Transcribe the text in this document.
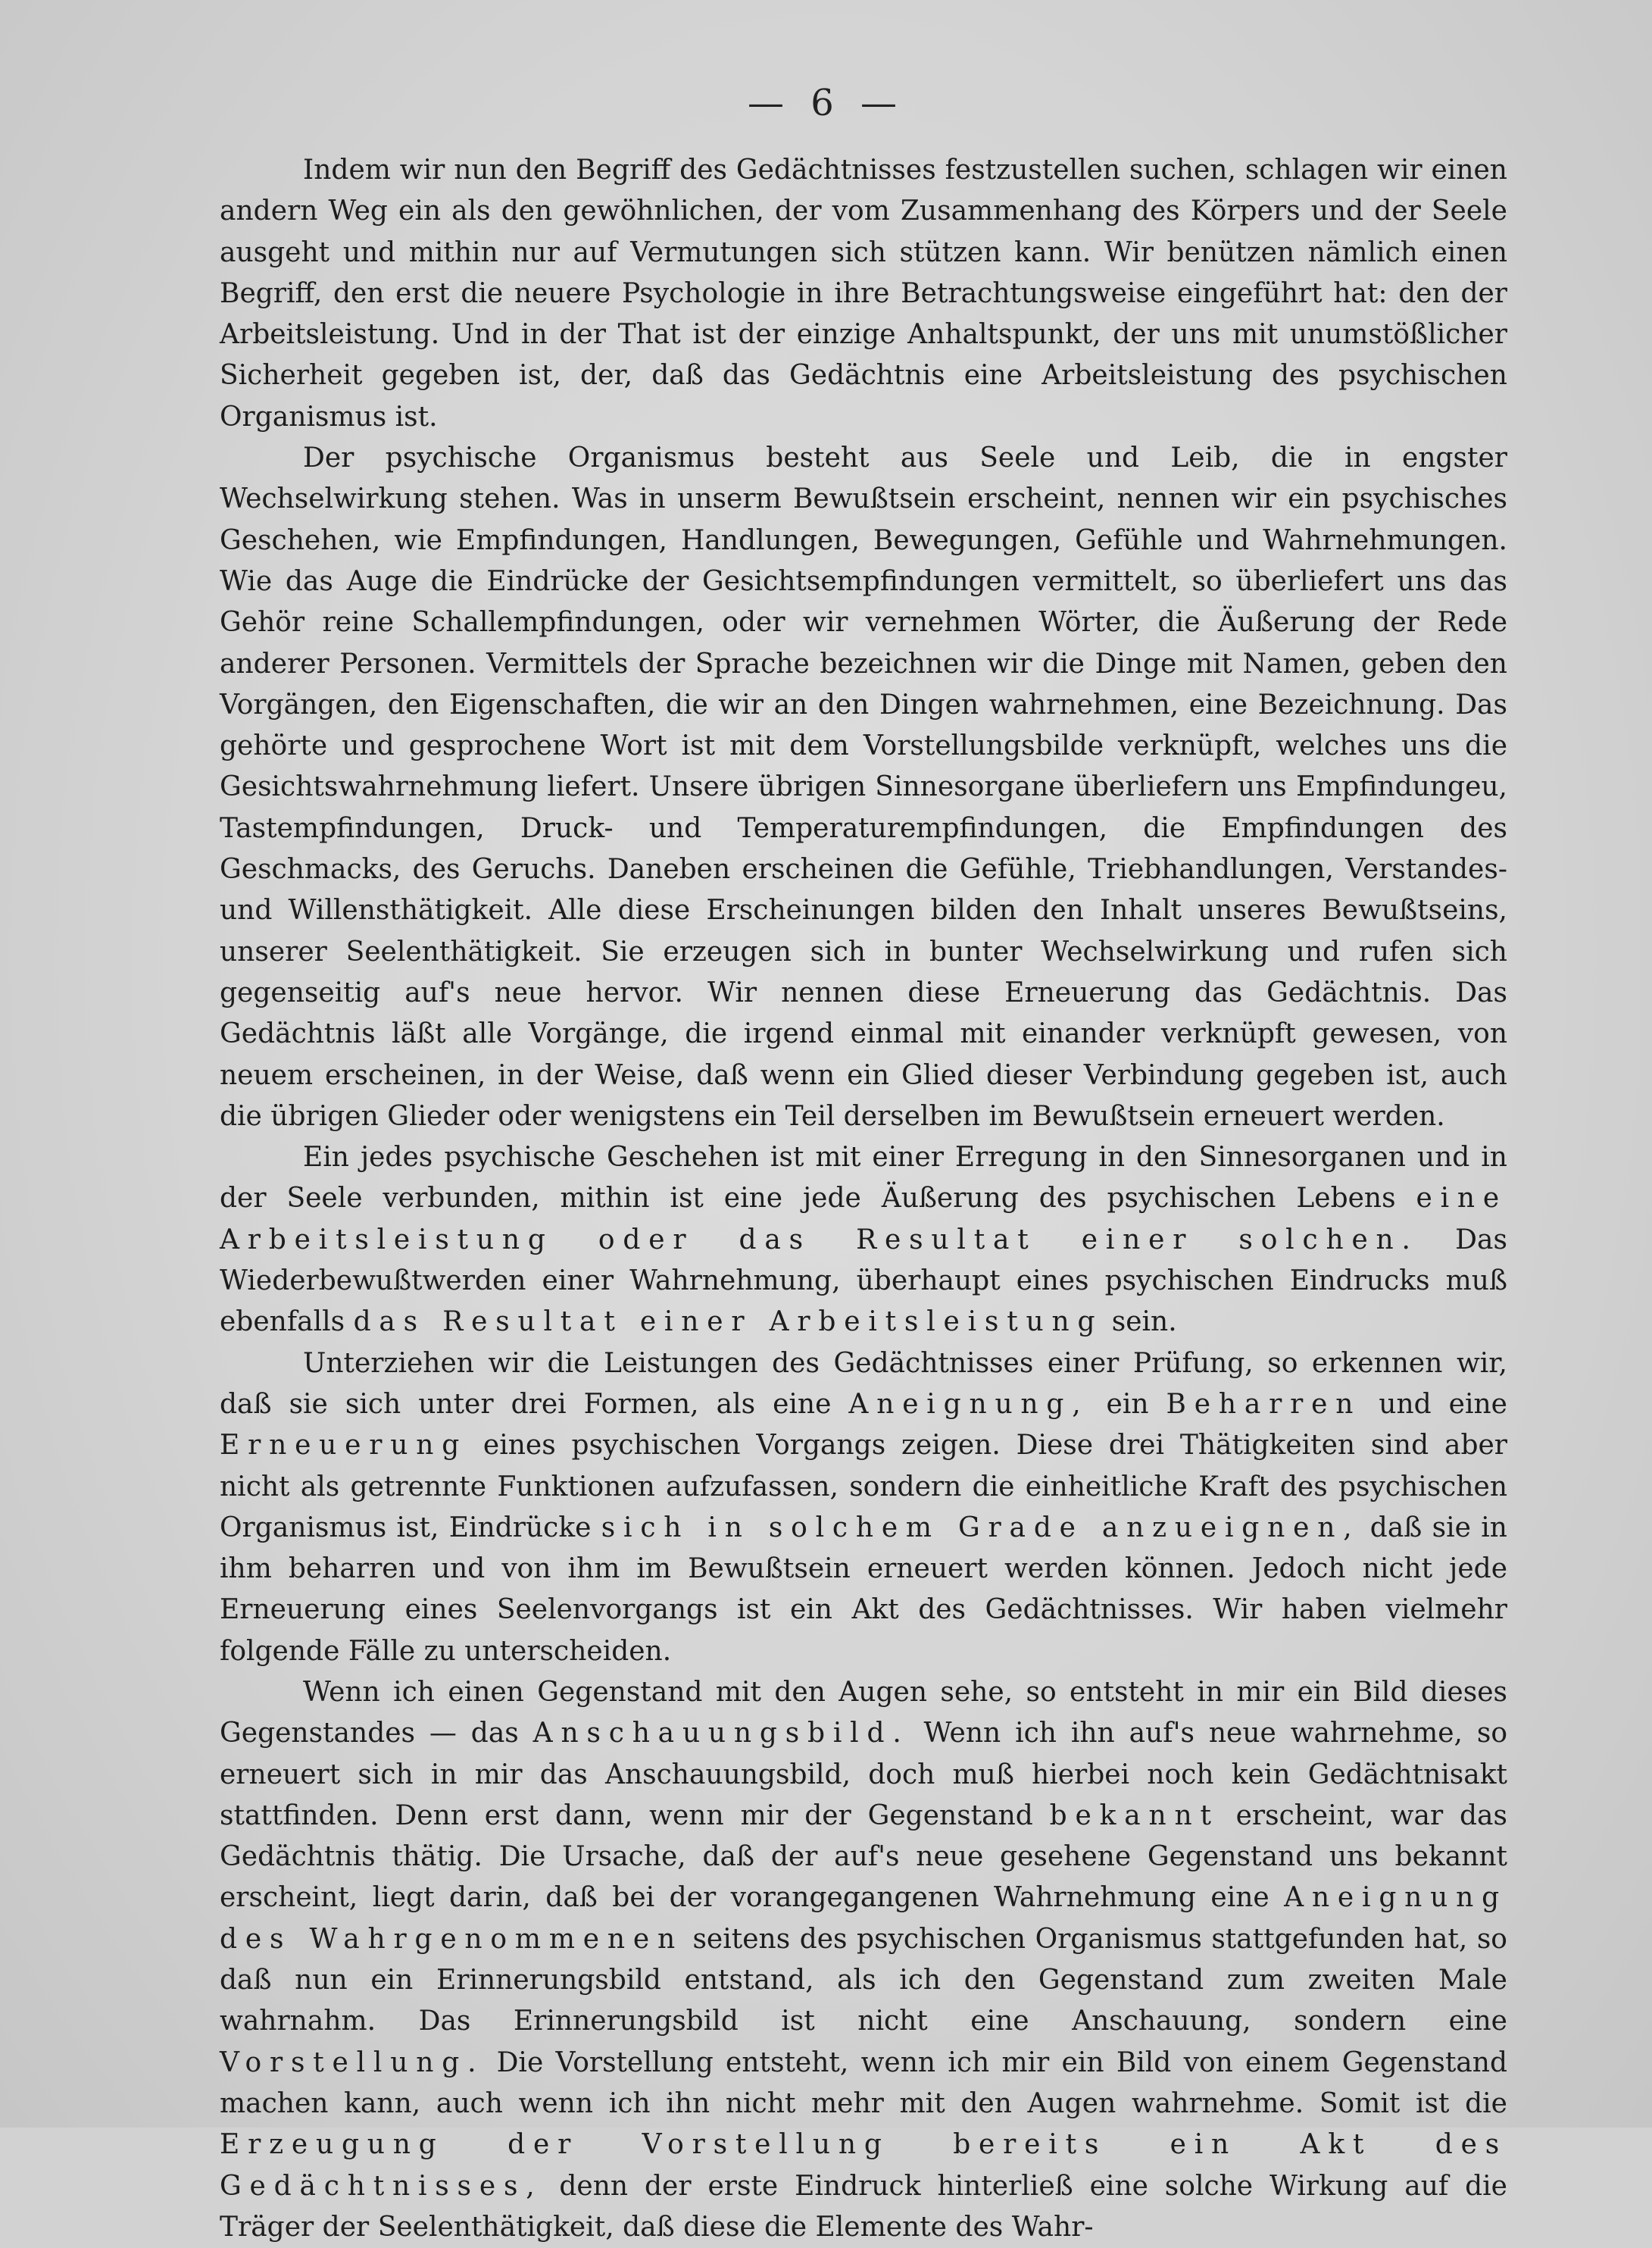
— 6 —

Indem wir nun den Begriff des Gedächtnisses festzustellen suchen, schlagen wir einen andern Weg ein als den gewöhnlichen, der vom Zusammenhang des Körpers und der Seele ausgeht und mithin nur auf Vermutungen sich stützen kann. Wir benützen nämlich einen Begriff, den erst die neuere Psychologie in ihre Betrachtungsweise eingeführt hat: den der Arbeitsleistung. Und in der That ist der einzige Anhaltspunkt, der uns mit unumstößlicher Sicherheit gegeben ist, der, daß das Gedächtnis eine Arbeitsleistung des psychischen Organismus ist.

Der psychische Organismus besteht aus Seele und Leib, die in engster Wechselwirkung stehen. Was in unserm Bewußtsein erscheint, nennen wir ein psychisches Geschehen, wie Empfindungen, Handlungen, Bewegungen, Gefühle und Wahrnehmungen. Wie das Auge die Eindrücke der Gesichtsempfindungen vermittelt, so überliefert uns das Gehör reine Schallempfindungen, oder wir vernehmen Wörter, die Äußerung der Rede anderer Personen. Vermittels der Sprache bezeichnen wir die Dinge mit Namen, geben den Vorgängen, den Eigenschaften, die wir an den Dingen wahrnehmen, eine Bezeichnung. Das gehörte und gesprochene Wort ist mit dem Vorstellungsbilde verknüpft, welches uns die Gesichtswahrnehmung liefert. Unsere übrigen Sinnesorgane überliefern uns Empfindungeu, Tastempfindungen, Druck- und Temperaturempfindungen, die Empfindungen des Geschmacks, des Geruchs. Daneben erscheinen die Gefühle, Triebhandlungen, Verstandes- und Willensthätigkeit. Alle diese Erscheinungen bilden den Inhalt unseres Bewußtseins, unserer Seelenthätigkeit. Sie erzeugen sich in bunter Wechselwirkung und rufen sich gegenseitig auf's neue hervor. Wir nennen diese Erneuerung das Gedächtnis. Das Gedächtnis läßt alle Vorgänge, die irgend einmal mit einander verknüpft gewesen, von neuem erscheinen, in der Weise, daß wenn ein Glied dieser Verbindung gegeben ist, auch die übrigen Glieder oder wenigstens ein Teil derselben im Bewußtsein erneuert werden.

Ein jedes psychische Geschehen ist mit einer Erregung in den Sinnesorganen und in der Seele verbunden, mithin ist eine jede Äußerung des psychischen Lebens eine Arbeitsleistung oder das Resultat einer solchen. Das Wiederbewußtwerden einer Wahrnehmung, überhaupt eines psychischen Eindrucks muß ebenfalls das Resultat einer Arbeitsleistung sein.

Unterziehen wir die Leistungen des Gedächtnisses einer Prüfung, so erkennen wir, daß sie sich unter drei Formen, als eine Aneignung, ein Beharren und eine Erneuerung eines psychischen Vorgangs zeigen. Diese drei Thätigkeiten sind aber nicht als getrennte Funktionen aufzufassen, sondern die einheitliche Kraft des psychischen Organismus ist, Eindrücke sich in solchem Grade anzueignen, daß sie in ihm beharren und von ihm im Bewußtsein erneuert werden können. Jedoch nicht jede Erneuerung eines Seelenvorgangs ist ein Akt des Gedächtnisses. Wir haben vielmehr folgende Fälle zu unterscheiden.

Wenn ich einen Gegenstand mit den Augen sehe, so entsteht in mir ein Bild dieses Gegenstandes — das Anschauungsbild. Wenn ich ihn auf's neue wahrnehme, so erneuert sich in mir das Anschauungsbild, doch muß hierbei noch kein Gedächtnisakt stattfinden. Denn erst dann, wenn mir der Gegenstand bekannt erscheint, war das Gedächtnis thätig. Die Ursache, daß der auf's neue gesehene Gegenstand uns bekannt erscheint, liegt darin, daß bei der vorangegangenen Wahrnehmung eine Aneignung des Wahrgenommenen seitens des psychischen Organismus stattgefunden hat, so daß nun ein Erinnerungsbild entstand, als ich den Gegenstand zum zweiten Male wahrnahm. Das Erinnerungsbild ist nicht eine Anschauung, sondern eine Vorstellung. Die Vorstellung entsteht, wenn ich mir ein Bild von einem Gegenstand machen kann, auch wenn ich ihn nicht mehr mit den Augen wahrnehme. Somit ist die Erzeugung der Vorstellung bereits ein Akt des Gedächtnisses, denn der erste Eindruck hinterließ eine solche Wirkung auf die Träger der Seelenthätigkeit, daß diese die Elemente des Wahr-
